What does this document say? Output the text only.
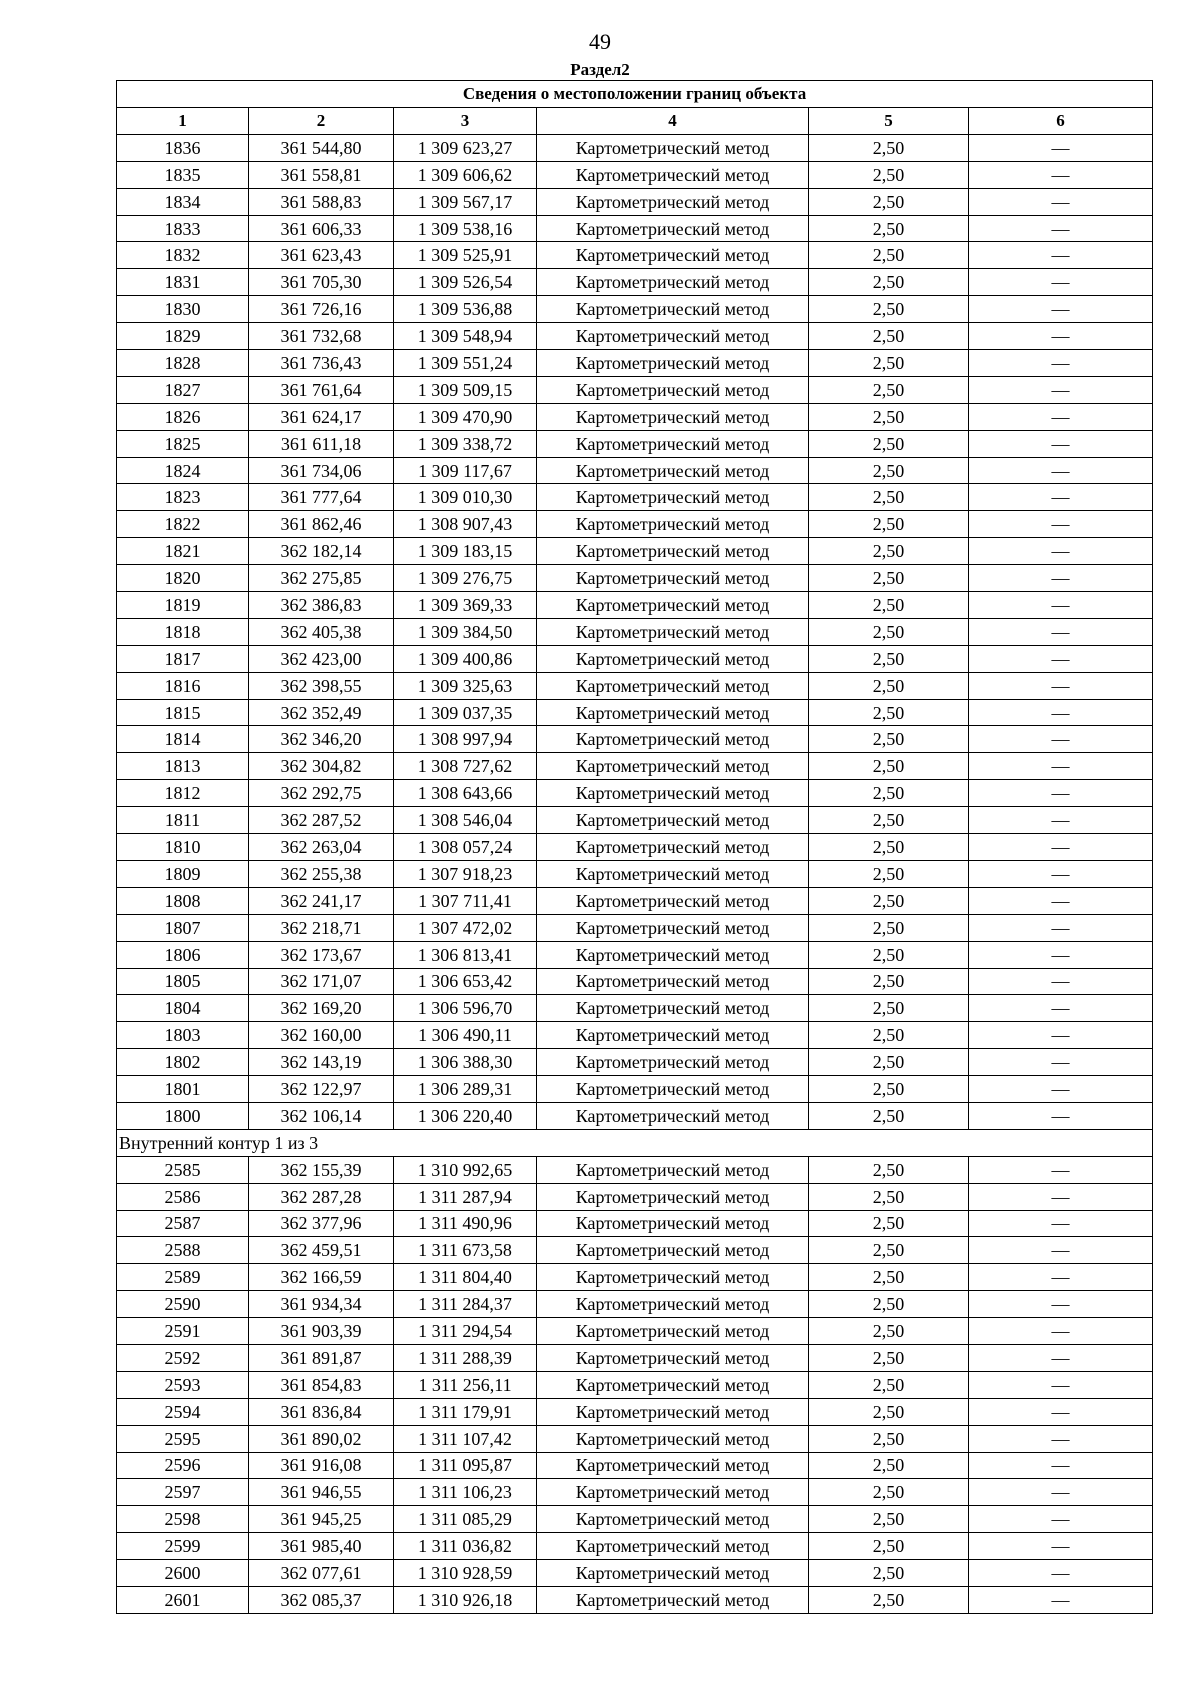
49
Раздел2
Сведения о местоположении границ объекта					
1	2	3	4	5	6
1836	361 544,80	1 309 623,27	Картометрический метод	2,50	—
1835	361 558,81	1 309 606,62	Картометрический метод	2,50	—
1834	361 588,83	1 309 567,17	Картометрический метод	2,50	—
1833	361 606,33	1 309 538,16	Картометрический метод	2,50	—
1832	361 623,43	1 309 525,91	Картометрический метод	2,50	—
1831	361 705,30	1 309 526,54	Картометрический метод	2,50	—
1830	361 726,16	1 309 536,88	Картометрический метод	2,50	—
1829	361 732,68	1 309 548,94	Картометрический метод	2,50	—
1828	361 736,43	1 309 551,24	Картометрический метод	2,50	—
1827	361 761,64	1 309 509,15	Картометрический метод	2,50	—
1826	361 624,17	1 309 470,90	Картометрический метод	2,50	—
1825	361 611,18	1 309 338,72	Картометрический метод	2,50	—
1824	361 734,06	1 309 117,67	Картометрический метод	2,50	—
1823	361 777,64	1 309 010,30	Картометрический метод	2,50	—
1822	361 862,46	1 308 907,43	Картометрический метод	2,50	—
1821	362 182,14	1 309 183,15	Картометрический метод	2,50	—
1820	362 275,85	1 309 276,75	Картометрический метод	2,50	—
1819	362 386,83	1 309 369,33	Картометрический метод	2,50	—
1818	362 405,38	1 309 384,50	Картометрический метод	2,50	—
1817	362 423,00	1 309 400,86	Картометрический метод	2,50	—
1816	362 398,55	1 309 325,63	Картометрический метод	2,50	—
1815	362 352,49	1 309 037,35	Картометрический метод	2,50	—
1814	362 346,20	1 308 997,94	Картометрический метод	2,50	—
1813	362 304,82	1 308 727,62	Картометрический метод	2,50	—
1812	362 292,75	1 308 643,66	Картометрический метод	2,50	—
1811	362 287,52	1 308 546,04	Картометрический метод	2,50	—
1810	362 263,04	1 308 057,24	Картометрический метод	2,50	—
1809	362 255,38	1 307 918,23	Картометрический метод	2,50	—
1808	362 241,17	1 307 711,41	Картометрический метод	2,50	—
1807	362 218,71	1 307 472,02	Картометрический метод	2,50	—
1806	362 173,67	1 306 813,41	Картометрический метод	2,50	—
1805	362 171,07	1 306 653,42	Картометрический метод	2,50	—
1804	362 169,20	1 306 596,70	Картометрический метод	2,50	—
1803	362 160,00	1 306 490,11	Картометрический метод	2,50	—
1802	362 143,19	1 306 388,30	Картометрический метод	2,50	—
1801	362 122,97	1 306 289,31	Картометрический метод	2,50	—
1800	362 106,14	1 306 220,40	Картометрический метод	2,50	—
Внутренний контур 1 из 3					
2585	362 155,39	1 310 992,65	Картометрический метод	2,50	—
2586	362 287,28	1 311 287,94	Картометрический метод	2,50	—
2587	362 377,96	1 311 490,96	Картометрический метод	2,50	—
2588	362 459,51	1 311 673,58	Картометрический метод	2,50	—
2589	362 166,59	1 311 804,40	Картометрический метод	2,50	—
2590	361 934,34	1 311 284,37	Картометрический метод	2,50	—
2591	361 903,39	1 311 294,54	Картометрический метод	2,50	—
2592	361 891,87	1 311 288,39	Картометрический метод	2,50	—
2593	361 854,83	1 311 256,11	Картометрический метод	2,50	—
2594	361 836,84	1 311 179,91	Картометрический метод	2,50	—
2595	361 890,02	1 311 107,42	Картометрический метод	2,50	—
2596	361 916,08	1 311 095,87	Картометрический метод	2,50	—
2597	361 946,55	1 311 106,23	Картометрический метод	2,50	—
2598	361 945,25	1 311 085,29	Картометрический метод	2,50	—
2599	361 985,40	1 311 036,82	Картометрический метод	2,50	—
2600	362 077,61	1 310 928,59	Картометрический метод	2,50	—
2601	362 085,37	1 310 926,18	Картометрический метод	2,50	—
